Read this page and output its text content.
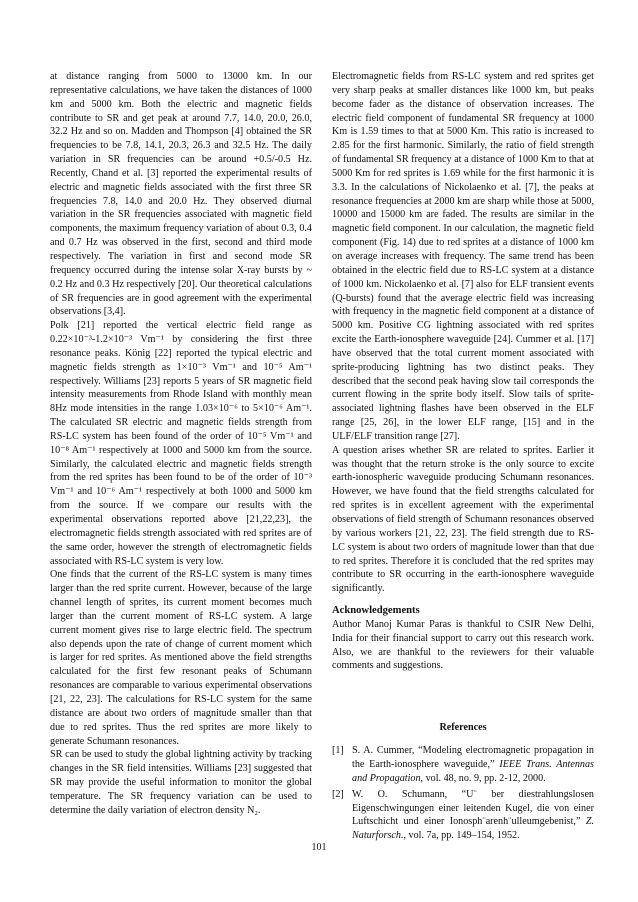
at distance ranging from 5000 to 13000 km. In our representative calculations, we have taken the distances of 1000 km and 5000 km. Both the electric and magnetic fields contribute to SR and get peak at around 7.7, 14.0, 20.0, 26.0, 32.2 Hz and so on. Madden and Thompson [4] obtained the SR frequencies to be 7.8, 14.1, 20.3, 26.3 and 32.5 Hz. The daily variation in SR frequencies can be around +0.5/-0.5 Hz. Recently, Chand et al. [3] reported the experimental results of electric and magnetic fields associated with the first three SR frequencies 7.8, 14.0 and 20.0 Hz. They observed diurnal variation in the SR frequencies associated with magnetic field components, the maximum frequency variation of about 0.3, 0.4 and 0.7 Hz was observed in the first, second and third mode respectively. The variation in first and second mode SR frequency occurred during the intense solar X-ray bursts by ~ 0.2 Hz and 0.3 Hz respectively [20]. Our theoretical calculations of SR frequencies are in good agreement with the experimental observations [3,4].

Polk [21] reported the vertical electric field range as 0.22×10⁻³-1.2×10⁻³ Vm⁻¹ by considering the first three resonance peaks. König [22] reported the typical electric and magnetic fields strength as 1×10⁻³ Vm⁻¹ and 10⁻⁵ Am⁻¹ respectively. Williams [23] reports 5 years of SR magnetic field intensity measurements from Rhode Island with monthly mean 8Hz mode intensities in the range 1.03×10⁻⁶ to 5×10⁻⁶ Am⁻¹. The calculated SR electric and magnetic fields strength from RS-LC system has been found of the order of 10⁻⁵ Vm⁻¹ and 10⁻⁸ Am⁻¹ respectively at 1000 and 5000 km from the source. Similarly, the calculated electric and magnetic fields strength from the red sprites has been found to be of the order of 10⁻³ Vm⁻¹ and 10⁻⁶ Am⁻¹ respectively at both 1000 and 5000 km from the source. If we compare our results with the experimental observations reported above [21,22,23], the electromagnetic fields strength associated with red sprites are of the same order, however the strength of electromagnetic fields associated with RS-LC system is very low.

One finds that the current of the RS-LC system is many times larger than the red sprite current. However, because of the large channel length of sprites, its current moment becomes much larger than the current moment of RS-LC system. A large current moment gives rise to large electric field. The spectrum also depends upon the rate of change of current moment which is larger for red sprites. As mentioned above the field strengths calculated for the first few resonant peaks of Schumann resonances are comparable to various experimental observations [21, 22, 23]. The calculations for RS-LC system for the same distance are about two orders of magnitude smaller than that due to red sprites. Thus the red sprites are more likely to generate Schumann resonances.

SR can be used to study the global lightning activity by tracking changes in the SR field intensities. Williams [23] suggested that SR may provide the useful information to monitor the global temperature. The SR frequency variation can be used to determine the daily variation of electron density N₂.

Electromagnetic fields from RS-LC system and red sprites get very sharp peaks at smaller distances like 1000 km, but peaks become fader as the distance of observation increases. The electric field component of fundamental SR frequency at 1000 Km is 1.59 times to that at 5000 Km. This ratio is increased to 2.85 for the first harmonic. Similarly, the ratio of field strength of fundamental SR frequency at a distance of 1000 Km to that at 5000 Km for red sprites is 1.69 while for the first harmonic it is 3.3. In the calculations of Nickolaenko et al. [7], the peaks at resonance frequencies at 2000 km are sharp while those at 5000, 10000 and 15000 km are faded. The results are similar in the magnetic field component. In our calculation, the magnetic field component (Fig. 14) due to red sprites at a distance of 1000 km on average increases with frequency. The same trend has been obtained in the electric field due to RS-LC system at a distance of 1000 km. Nickolaenko et al. [7] also for ELF transient events (Q-bursts) found that the average electric field was increasing with frequency in the magnetic field component at a distance of 5000 km. Positive CG lightning associated with red sprites excite the Earth-ionosphere waveguide [24]. Cummer et al. [17] have observed that the total current moment associated with sprite-producing lightning has two distinct peaks. They described that the second peak having slow tail corresponds the current flowing in the sprite body itself. Slow tails of sprite-associated lightning flashes have been observed in the ELF range [25, 26], in the lower ELF range, [15] and in the ULF/ELF transition range [27].

A question arises whether SR are related to sprites. Earlier it was thought that the return stroke is the only source to excite earth-ionospheric waveguide producing Schumann resonances. However, we have found that the field strengths calculated for red sprites is in excellent agreement with the experimental observations of field strength of Schumann resonances observed by various workers [21, 22, 23]. The field strength due to RS-LC system is about two orders of magnitude lower than that due to red sprites. Therefore it is concluded that the red sprites may contribute to SR occurring in the earth-ionosphere waveguide significantly.

Acknowledgements

Author Manoj Kumar Paras is thankful to CSIR New Delhi, India for their financial support to carry out this research work. Also, we are thankful to the reviewers for their valuable comments and suggestions.

References

[1] S. A. Cummer, “Modeling electromagnetic propagation in the Earth-ionosphere waveguide,” IEEE Trans. Antennas and Propagation, vol. 48, no. 9, pp. 2-12, 2000.
[2] W. O. Schumann, “U¨ ber diestrahlungslosen Eigenschwingungen einer leitenden Kugel, die von einer Luftschicht und einer Ionosph¨arenh¨ulleumgebenist,” Z. Naturforsch., vol. 7a, pp. 149–154, 1952.
101
